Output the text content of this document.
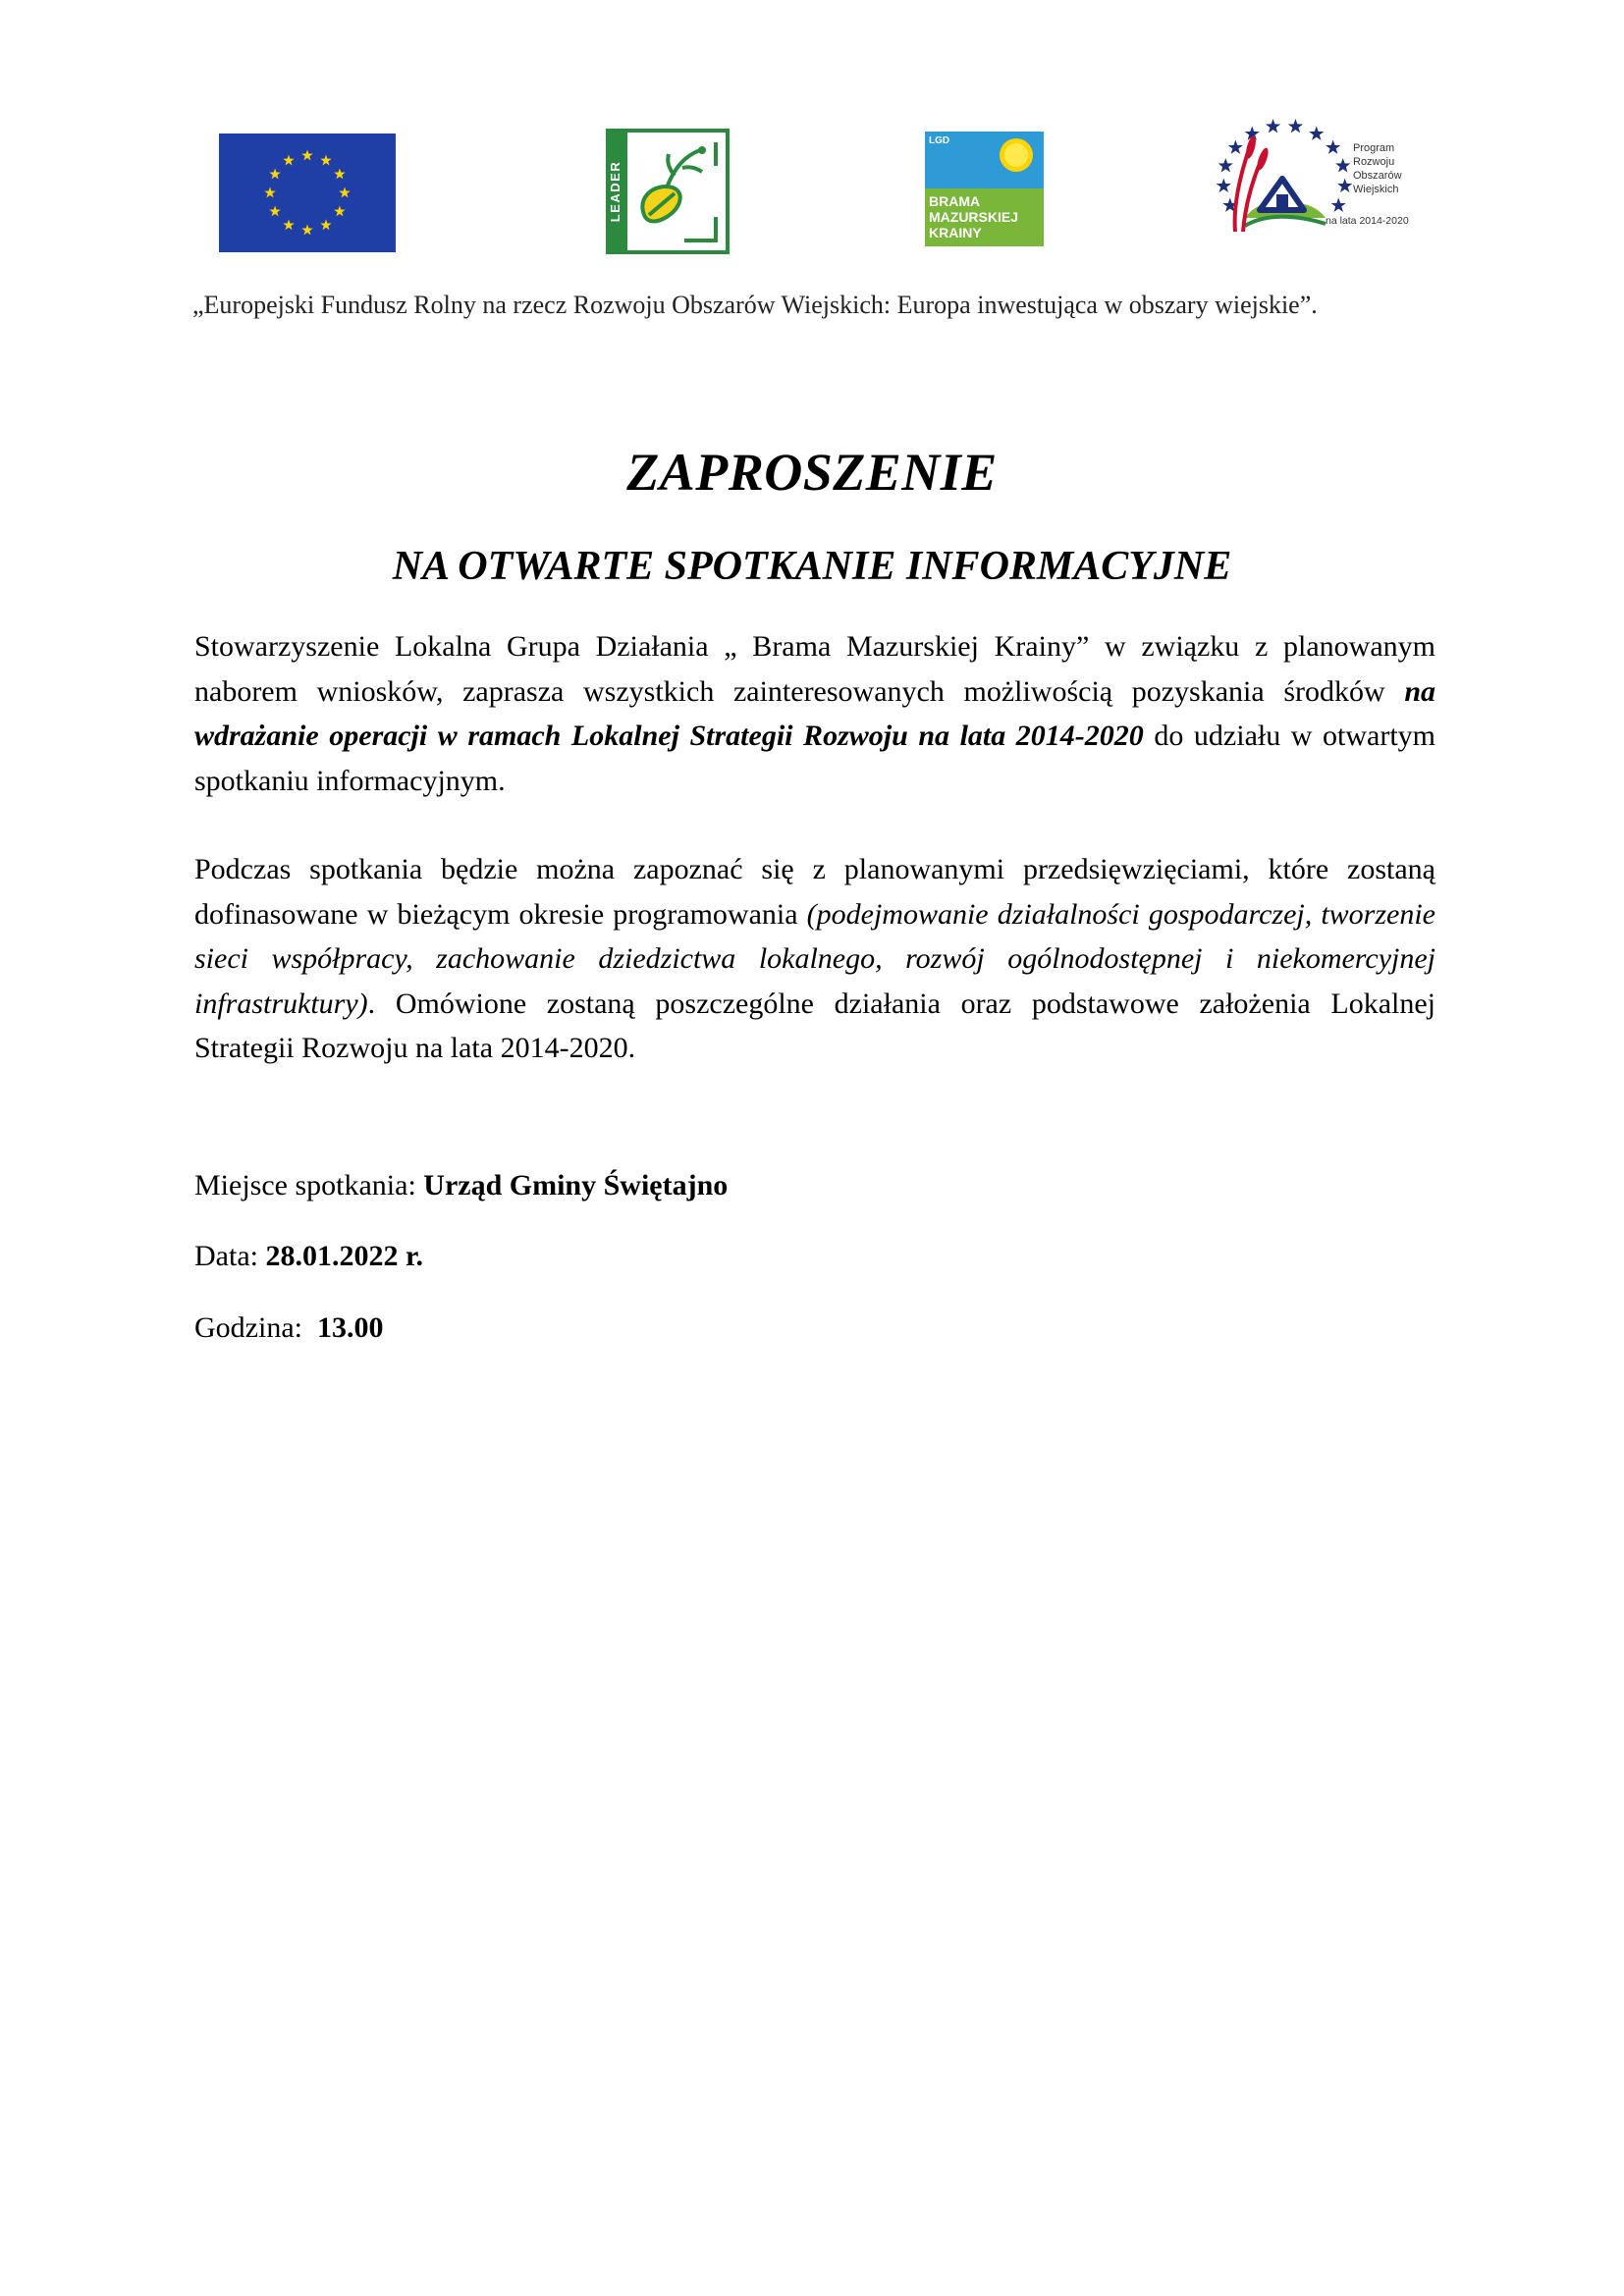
LEADER
LGD
BRAMA
MAZURSKIEJ
KRAINY
Program
Rozwoju
Obszarów
Wiejskich
na lata 2014-2020
„Europejski Fundusz Rolny na rzecz Rozwoju Obszarów Wiejskich: Europa inwestująca w obszary wiejskie”.
ZAPROSZENIE
NA OTWARTE SPOTKANIE INFORMACYJNE
Stowarzyszenie Lokalna Grupa Działania „ Brama Mazurskiej Krainy” w związku z planowanym naborem wniosków, zaprasza wszystkich zainteresowanych możliwością pozyskania środków na wdrażanie operacji w ramach Lokalnej Strategii Rozwoju na lata 2014-2020 do udziału w otwartym spotkaniu informacyjnym.
Podczas spotkania będzie można zapoznać się z planowanymi przedsięwzięciami, które zostaną dofinasowane w bieżącym okresie programowania (podejmowanie działalności gospodarczej, tworzenie sieci współpracy, zachowanie dziedzictwa lokalnego, rozwój ogólnodostępnej i niekomercyjnej infrastruktury). Omówione zostaną poszczególne działania oraz podstawowe założenia Lokalnej Strategii Rozwoju na lata 2014-2020.
Miejsce spotkania: Urząd Gminy Świętajno
Data: 28.01.2022 r.
Godzina:  13.00
